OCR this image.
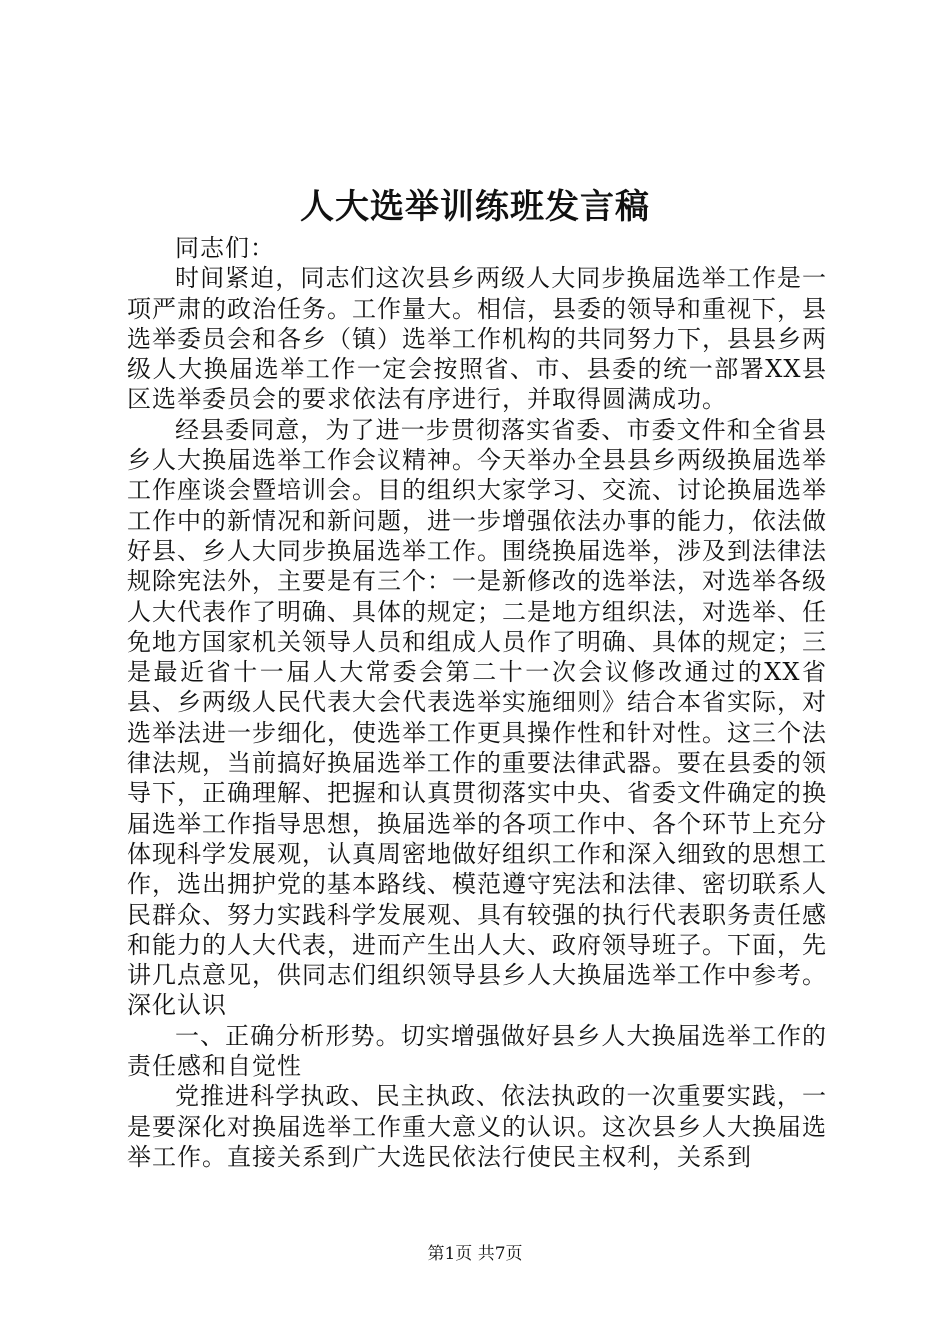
人大选举训练班发言稿

同志们：

时间紧迫，同志们这次县乡两级人大同步换届选举工作是一项严肃的政治任务。工作量大。相信，县委的领导和重视下，县选举委员会和各乡（镇）选举工作机构的共同努力下，县县乡两级人大换届选举工作一定会按照省、市、县委的统一部署XX县区选举委员会的要求依法有序进行，并取得圆满成功。

经县委同意，为了进一步贯彻落实省委、市委文件和全省县乡人大换届选举工作会议精神。今天举办全县县乡两级换届选举工作座谈会暨培训会。目的组织大家学习、交流、讨论换届选举工作中的新情况和新问题，进一步增强依法办事的能力，依法做好县、乡人大同步换届选举工作。围绕换届选举，涉及到法律法规除宪法外，主要是有三个：一是新修改的选举法，对选举各级人大代表作了明确、具体的规定；二是地方组织法，对选举、任免地方国家机关领导人员和组成人员作了明确、具体的规定；三是最近省十一届人大常委会第二十一次会议修改通过的XX省县、乡两级人民代表大会代表选举实施细则》结合本省实际，对选举法进一步细化，使选举工作更具操作性和针对性。这三个法律法规，当前搞好换届选举工作的重要法律武器。要在县委的领导下，正确理解、把握和认真贯彻落实中央、省委文件确定的换届选举工作指导思想，换届选举的各项工作中、各个环节上充分体现科学发展观，认真周密地做好组织工作和深入细致的思想工作，选出拥护党的基本路线、模范遵守宪法和法律、密切联系人民群众、努力实践科学发展观、具有较强的执行代表职务责任感和能力的人大代表，进而产生出人大、政府领导班子。下面，先讲几点意见，供同志们组织领导县乡人大换届选举工作中参考。深化认识

一、正确分析形势。切实增强做好县乡人大换届选举工作的责任感和自觉性

党推进科学执政、民主执政、依法执政的一次重要实践，一是要深化对换届选举工作重大意义的认识。这次县乡人大换届选举工作。直接关系到广大选民依法行使民主权利，关系到

第1页 共7页
